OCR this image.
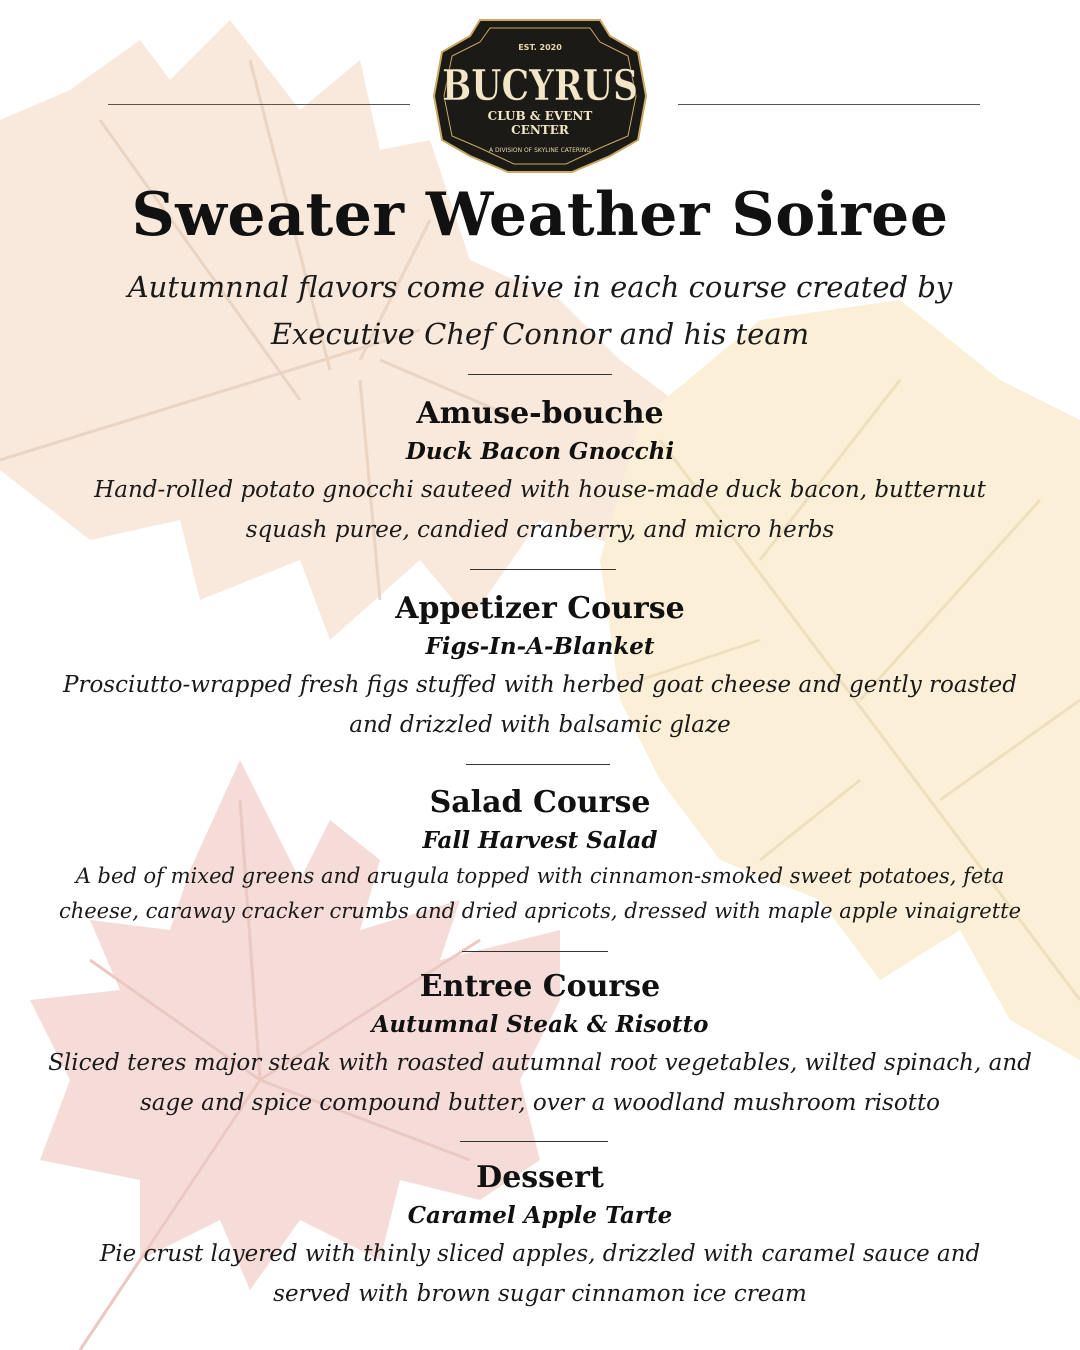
EST. 2020
BUCYRUS
CLUB & EVENT
CENTER
A DIVISION OF SKYLINE CATERING
Sweater Weather Soiree

Autumnnal flavors come alive in each course created by Executive Chef Connor and his team

Amuse-bouche

Duck Bacon Gnocchi

Hand-rolled potato gnocchi sauteed with house-made duck bacon, butternut squash puree, candied cranberry, and micro herbs

Appetizer Course

Figs-In-A-Blanket

Prosciutto-wrapped fresh figs stuffed with herbed goat cheese and gently roasted and drizzled with balsamic glaze

Salad Course

Fall Harvest Salad

A bed of mixed greens and arugula topped with cinnamon-smoked sweet potatoes, feta cheese, caraway cracker crumbs and dried apricots, dressed with maple apple vinaigrette

Entree Course

Autumnal Steak & Risotto

Sliced teres major steak with roasted autumnal root vegetables, wilted spinach, and sage and spice compound butter, over a woodland mushroom risotto

Dessert

Caramel Apple Tarte

Pie crust layered with thinly sliced apples, drizzled with caramel sauce and served with brown sugar cinnamon ice cream
